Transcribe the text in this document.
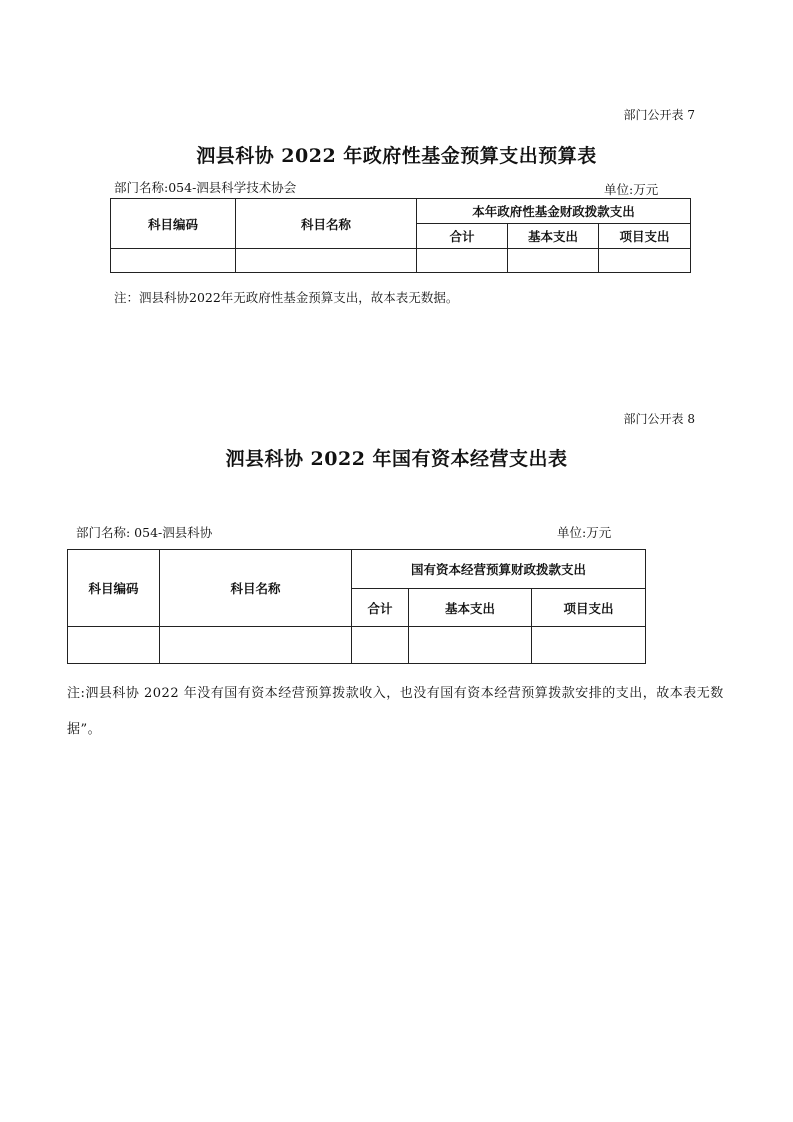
部门公开表 7
泗县科协 2022 年政府性基金预算支出预算表
部门名称:054-泗县科学技术协会	单位:万元
科目编码	科目名称	本年政府性基金财政拨款支出		
		合计	基本支出	项目支出

注：泗县科协2022年无政府性基金预算支出，故本表无数据。
部门公开表 8
泗县科协 2022 年国有资本经营支出表
部门名称: 054-泗县科协	单位:万元
科目编码	科目名称	国有资本经营预算财政拨款支出		
		合计	基本支出	项目支出

注:泗县科协 2022 年没有国有资本经营预算拨款收入，也没有国有资本经营预算拨款安排的支出，故本表无数据”。
